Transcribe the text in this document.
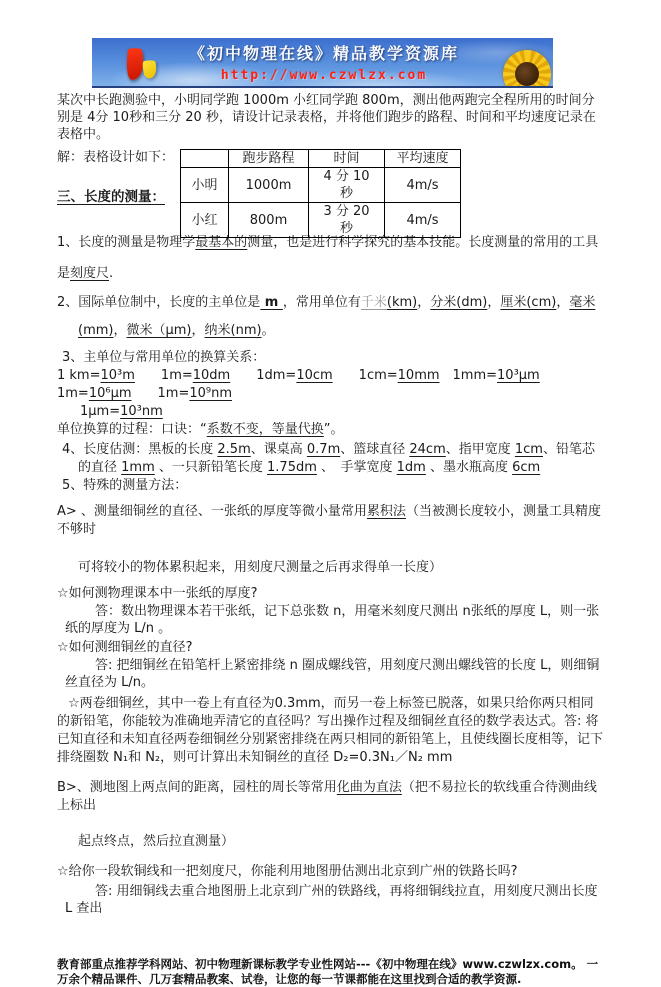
《初中物理在线》精品教学资源库
http://www.czwlzx.com

某次中长跑测验中，小明同学跑 1000m 小红同学跑 800m，测出他两跑完全程所用的时间分别是 4分 10秒和三分 20 秒，请设计记录表格，并将他们跑步的路程、时间和平均速度记录在表格中。

解：表格设计如下：
		跑步路程	时间	平均速度
小明	1000m	4 分 10 秒	4m/s
小红	800m	3 分 20 秒	4m/s
三、长度的测量：

1、长度的测量是物理学最基本的测量，也是进行科学探究的基本技能。长度测量的常用的工具是刻度尺.

2、国际单位制中，长度的主单位是 m ，常用单位有千米(km)，分米(dm)，厘米(cm)，毫米(mm)，微米（μm)，纳米(nm)。

3、主单位与常用单位的换算关系：

1 km=10³m　　1m=10dm　　1dm=10cm　　1cm=10mm　1mm=10³μm　1m=10⁶μm　　1m=10⁹nm

1μm=10³nm

单位换算的过程：口诀：“系数不变，等量代换”。

4、长度估测：黑板的长度 2.5m、课桌高 0.7m、篮球直径 24cm、指甲宽度 1cm、铅笔芯的直径 1mm 、一只新铅笔长度 1.75dm 、　手掌宽度 1dm 、墨水瓶高度 6cm

5、特殊的测量方法：

A> 、测量细铜丝的直径、一张纸的厚度等微小量常用累积法（当被测长度较小，测量工具精度不够时

可将较小的物体累积起来，用刻度尺测量之后再求得单一长度）

☆如何测物理课本中一张纸的厚度?

答：数出物理课本若干张纸，记下总张数 n，用毫米刻度尺测出 n张纸的厚度 L，则一张纸的厚度为 L/n 。

☆如何测细铜丝的直径?

答: 把细铜丝在铅笔杆上紧密排绕 n 圈成螺线管，用刻度尺测出螺线管的长度 L，则细铜丝直径为 L/n。

☆两卷细铜丝，其中一卷上有直径为0.3mm，而另一卷上标签已脱落，如果只给你两只相同的新铅笔，你能较为准确地弄清它的直径吗？写出操作过程及细铜丝直径的数学表达式。答: 将已知直径和未知直径两卷细铜丝分别紧密排绕在两只相同的新铅笔上，且使线圈长度相等，记下排绕圈数 N₁和 N₂，则可计算出未知铜丝的直径 D₂=0.3N₁／N₂ mm

B>、测地图上两点间的距离，园柱的周长等常用化曲为直法（把不易拉长的软线重合待测曲线上标出

起点终点，然后拉直测量）

☆给你一段软铜线和一把刻度尺，你能利用地图册估测出北京到广州的铁路长吗?

答: 用细铜线去重合地图册上北京到广州的铁路线，再将细铜线拉直，用刻度尺测出长度 L 查出

教育部重点推荐学科网站、初中物理新课标教学专业性网站---《初中物理在线》www.czwlzx.com。 一万余个精品课件、几万套精品教案、试卷，让您的每一节课都能在这里找到合适的教学资源.
